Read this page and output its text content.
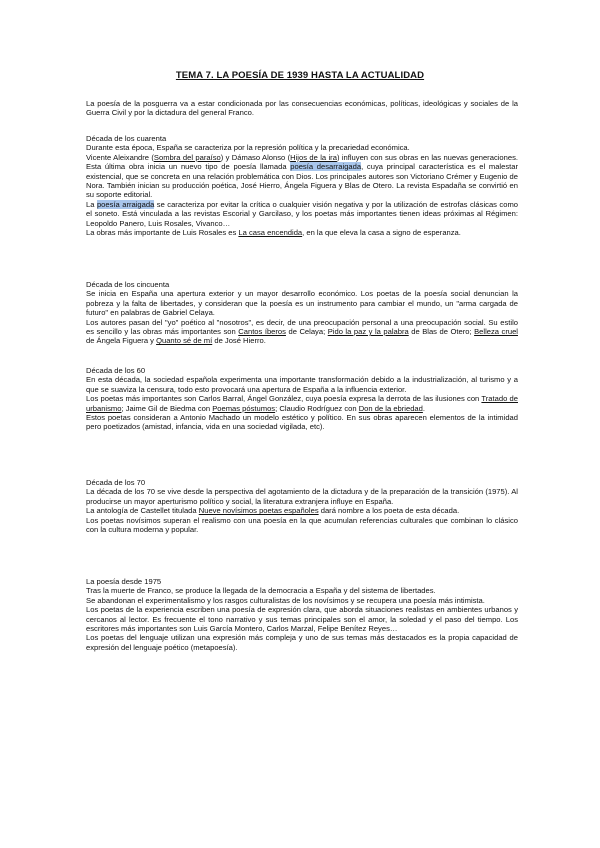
TEMA 7. LA POESÍA DE 1939 HASTA LA ACTUALIDAD

La poesía de la posguerra va a estar condicionada por las consecuencias económicas, políticas, ideológicas y sociales de la Guerra Civil y por la dictadura del general Franco.

Década de los cuarenta

Durante esta época, España se caracteriza por la represión política y la precariedad económica.

Vicente Aleixandre (Sombra del paraíso) y Dámaso Alonso (Hijos de la ira) influyen con sus obras en las nuevas generaciones. Esta última obra inicia un nuevo tipo de poesía llamada poesía desarraigada, cuya principal característica es el malestar existencial, que se concreta en una relación problemática con Dios. Los principales autores son Victoriano Crémer y Eugenio de Nora. También inician su producción poética, José Hierro, Ángela Figuera y Blas de Otero. La revista Espadaña se convirtió en su soporte editorial.

La poesía arraigada se caracteriza por evitar la crítica o cualquier visión negativa y por la utilización de estrofas clásicas como el soneto. Está vinculada a las revistas Escorial y Garcilaso, y los poetas más importantes tienen ideas próximas al Régimen: Leopoldo Panero, Luis Rosales, Vivanco…

La obras más importante de Luis Rosales es La casa encendida, en la que eleva la casa a signo de esperanza.

Década de los cincuenta

Se inicia en España una apertura exterior y un mayor desarrollo económico. Los poetas de la poesía social denuncian la pobreza y la falta de libertades, y consideran que la poesía es un instrumento para cambiar el mundo, un "arma cargada de futuro" en palabras de Gabriel Celaya.

Los autores pasan del "yo" poético al "nosotros", es decir, de una preocupación personal a una preocupación social. Su estilo es sencillo y las obras más importantes son Cantos íberos de Celaya; Pido la paz y la palabra de Blas de Otero; Belleza cruel de Ángela Figuera y Quanto sé de mí de José Hierro.

Década de los 60

En esta década, la sociedad española experimenta una importante transformación debido a la industrialización, al turismo y a que se suaviza la censura, todo esto provocará una apertura de España a la influencia exterior.

Los poetas más importantes son Carlos Barral, Ángel González, cuya poesía expresa la derrota de las ilusiones con Tratado de urbanismo; Jaime Gil de Biedma con Poemas póstumos; Claudio Rodríguez con Don de la ebriedad.

Estos poetas consideran a Antonio Machado un modelo estético y político. En sus obras aparecen elementos de la intimidad pero poetizados (amistad, infancia, vida en una sociedad vigilada, etc).

Década de los 70

La década de los 70 se vive desde la perspectiva del agotamiento de la dictadura y de la preparación de la transición (1975). Al producirse un mayor aperturismo político y social, la literatura extranjera influye en España.

La antología de Castellet titulada Nueve novísimos poetas españoles dará nombre a los poeta de esta década.

Los poetas novísimos superan el realismo con una poesía en la que acumulan referencias culturales que combinan lo clásico con la cultura moderna y popular.

La poesía desde 1975

Tras la muerte de Franco, se produce la llegada de la democracia a España y del sistema de libertades.

Se abandonan el experimentalismo y los rasgos culturalistas de los novísimos y se recupera una poesía más intimista.

Los poetas de la experiencia escriben una poesía de expresión clara, que aborda situaciones realistas en ambientes urbanos y cercanos al lector. Es frecuente el tono narrativo y sus temas principales son el amor, la soledad y el paso del tiempo. Los escritores más importantes son Luis García Montero, Carlos Marzal, Felipe Benítez Reyes…

Los poetas del lenguaje utilizan una expresión más compleja y uno de sus temas más destacados es la propia capacidad de expresión del lenguaje poético (metapoesía).
